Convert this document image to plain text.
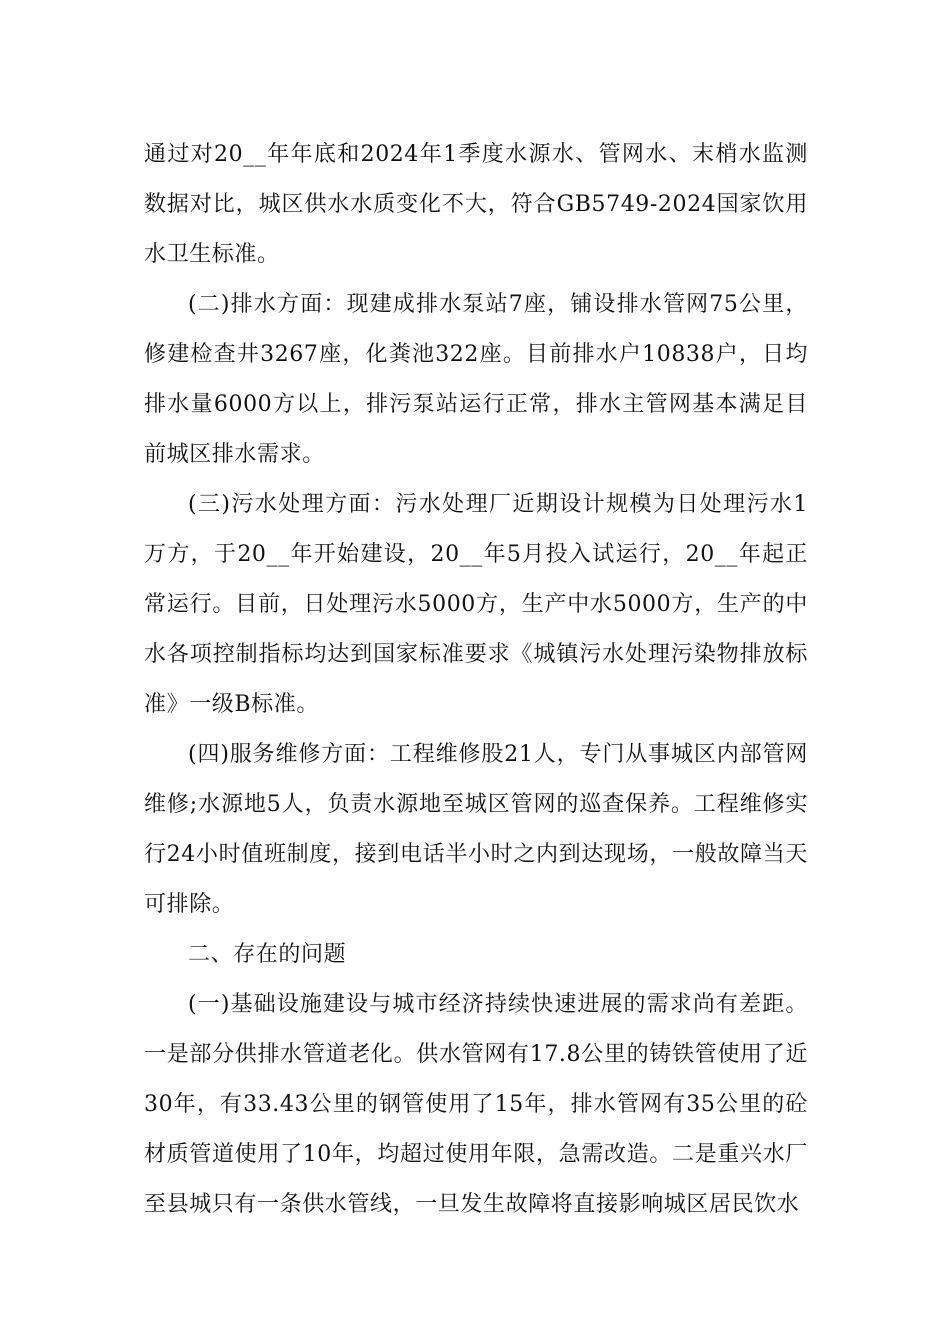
通过对20__年年底和2024年1季度水源水、管网水、末梢水监测数据对比，城区供水水质变化不大，符合GB5749-2024国家饮用水卫生标准。

(二)排水方面：现建成排水泵站7座，铺设排水管网75公里，修建检查井3267座，化粪池322座。目前排水户10838户，日均排水量6000方以上，排污泵站运行正常，排水主管网基本满足目前城区排水需求。

(三)污水处理方面：污水处理厂近期设计规模为日处理污水1万方，于20__年开始建设，20__年5月投入试运行，20__年起正常运行。目前，日处理污水5000方，生产中水5000方，生产的中水各项控制指标均达到国家标准要求《城镇污水处理污染物排放标准》一级B标准。

(四)服务维修方面：工程维修股21人，专门从事城区内部管网维修;水源地5人，负责水源地至城区管网的巡查保养。工程维修实行24小时值班制度，接到电话半小时之内到达现场，一般故障当天可排除。

二、存在的问题

(一)基础设施建设与城市经济持续快速进展的需求尚有差距。一是部分供排水管道老化。供水管网有17.8公里的铸铁管使用了近30年，有33.43公里的钢管使用了15年，排水管网有35公里的砼材质管道使用了10年，均超过使用年限，急需改造。二是重兴水厂至县城只有一条供水管线，一旦发生故障将直接影响城区居民饮水
